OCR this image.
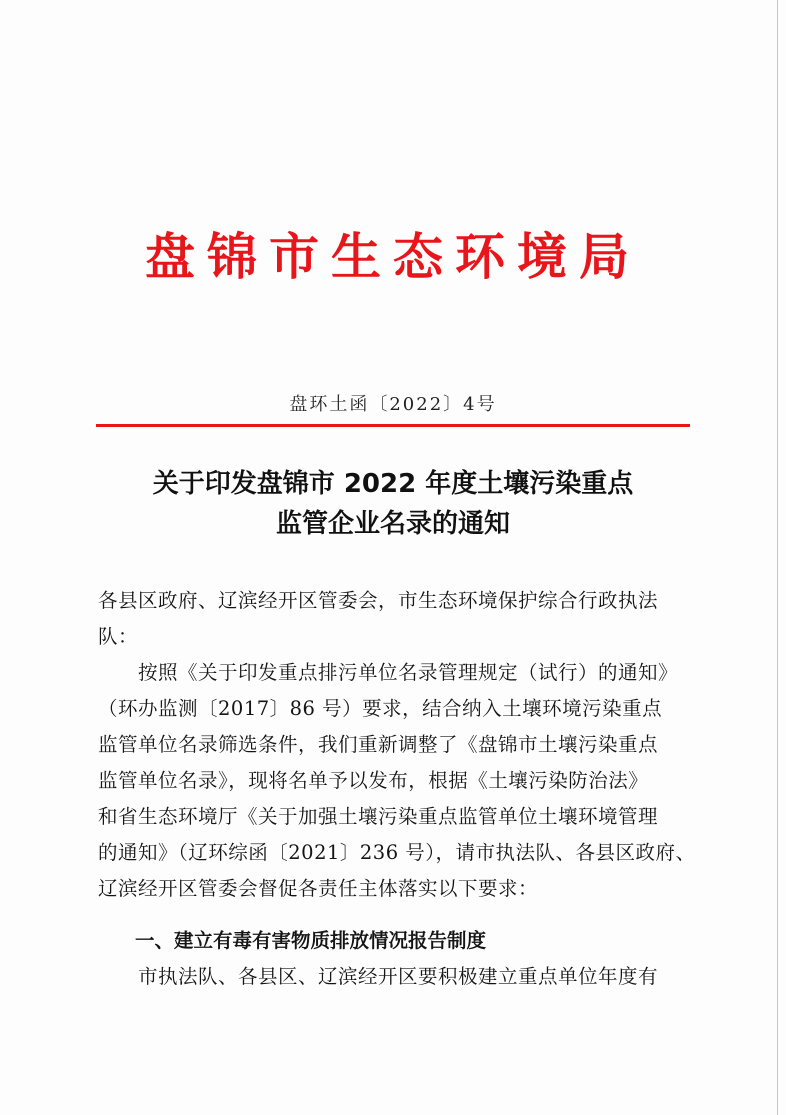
盘锦市生态环境局
盘环土函〔2022〕4号
关于印发盘锦市 2022 年度土壤污染重点
监管企业名录的通知
各县区政府、辽滨经开区管委会，市生态环境保护综合行政执法
队：
　　按照《关于印发重点排污单位名录管理规定（试行）的通知》
（环办监测〔2017〕86 号）要求，结合纳入土壤环境污染重点
监管单位名录筛选条件，我们重新调整了《盘锦市土壤污染重点
监管单位名录》，现将名单予以发布，根据《土壤污染防治法》
和省生态环境厅《关于加强土壤污染重点监管单位土壤环境管理
的通知》（辽环综函〔2021〕236 号），请市执法队、各县区政府、
辽滨经开区管委会督促各责任主体落实以下要求：
一、建立有毒有害物质排放情况报告制度
　　市执法队、各县区、辽滨经开区要积极建立重点单位年度有
